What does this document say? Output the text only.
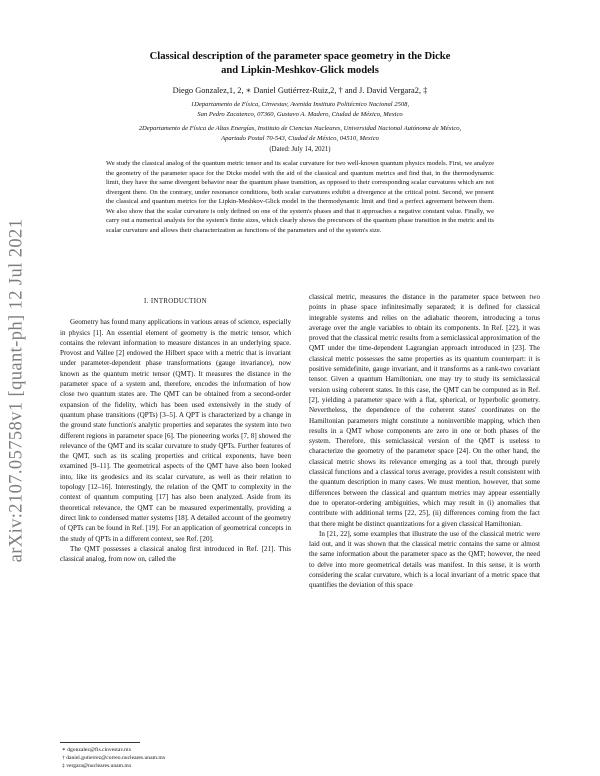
arXiv:2107.05758v1 [quant-ph] 12 Jul 2021
Classical description of the parameter space geometry in the Dicke
and Lipkin-Meshkov-Glick models
Diego Gonzalez,1, 2, ∗ Daniel Gutiérrez-Ruiz,2, † and J. David Vergara2, ‡
1Departamento de Física, Cinvestav, Avenida Instituto Politécnico Nacional 2508,
San Pedro Zacatenco, 07360, Gustavo A. Madero, Ciudad de México, Mexico
2Departamento de Física de Altas Energías, Instituto de Ciencias Nucleares, Universidad Nacional Autónoma de México,
Apartado Postal 70-543, Ciudad de México, 04510, Mexico
(Dated: July 14, 2021)

We study the classical analog of the quantum metric tensor and its scalar curvature for two well-known quantum physics models. First, we analyze the geometry of the parameter space for the Dicke model with the aid of the classical and quantum metrics and find that, in the thermodynamic limit, they have the same divergent behavior near the quantum phase transition, as opposed to their corresponding scalar curvatures which are not divergent there. On the contrary, under resonance conditions, both scalar curvatures exhibit a divergence at the critical point. Second, we present the classical and quantum metrics for the Lipkin-Meshkov-Glick model in the thermodynamic limit and find a perfect agreement between them. We also show that the scalar curvature is only defined on one of the system's phases and that it approaches a negative constant value. Finally, we carry out a numerical analysis for the system's finite sizes, which clearly shows the precursors of the quantum phase transition in the metric and its scalar curvature and allows their characterization as functions of the parameters and of the system's size.

I. INTRODUCTION

Geometry has found many applications in various areas of science, especially in physics [1]. An essential element of geometry is the metric tensor, which contains the relevant information to measure distances in an underlying space. Provost and Vallee [2] endowed the Hilbert space with a metric that is invariant under parameter-dependent phase transformations (gauge invariance), now known as the quantum metric tensor (QMT). It measures the distance in the parameter space of a system and, therefore, encodes the information of how close two quantum states are. The QMT can be obtained from a second-order expansion of the fidelity, which has been used extensively in the study of quantum phase transitions (QPTs) [3–5]. A QPT is characterized by a change in the ground state function's analytic properties and separates the system into two different regions in parameter space [6]. The pioneering works [7, 8] showed the relevance of the QMT and its scalar curvature to study QPTs. Further features of the QMT, such as its scaling properties and critical exponents, have been examined [9–11]. The geometrical aspects of the QMT have also been looked into, like its geodesics and its scalar curvature, as well as their relation to topology [12–16]. Interestingly, the relation of the QMT to complexity in the context of quantum computing [17] has also been analyzed. Aside from its theoretical relevance, the QMT can be measured experimentally, providing a direct link to condensed matter systems [18]. A detailed account of the geometry of QPTs can be found in Ref. [19]. For an application of geometrical concepts in the study of QPTs in a different context, see Ref. [20].

The QMT possesses a classical analog first introduced in Ref. [21]. This classical analog, from now on, called the

classical metric, measures the distance in the parameter space between two points in phase space infinitesimally separated; it is defined for classical integrable systems and relies on the adiabatic theorem, introducing a torus average over the angle variables to obtain its components. In Ref. [22], it was proved that the classical metric results from a semiclassical approximation of the QMT under the time-dependent Lagrangian approach introduced in [23]. The classical metric possesses the same properties as its quantum counterpart: it is positive semidefinite, gauge invariant, and it transforms as a rank-two covariant tensor. Given a quantum Hamiltonian, one may try to study its semiclassical version using coherent states. In this case, the QMT can be computed as in Ref. [2], yielding a parameter space with a flat, spherical, or hyperbolic geometry. Nevertheless, the dependence of the coherent states' coordinates on the Hamiltonian parameters might constitute a noninvertible mapping, which then results in a QMT whose components are zero in one or both phases of the system. Therefore, this semiclassical version of the QMT is useless to characterize the geometry of the parameter space [24]. On the other hand, the classical metric shows its relevance emerging as a tool that, through purely classical functions and a classical torus average, provides a result consistent with the quantum description in many cases. We must mention, however, that some differences between the classical and quantum metrics may appear essentially due to operator-ordering ambiguities, which may result in (i) anomalies that contribute with additional terms [22, 25], (ii) differences coming from the fact that there might be distinct quantizations for a given classical Hamiltonian.

In [21, 22], some examples that illustrate the use of the classical metric were laid out, and it was shown that the classical metric contains the same or almost the same information about the parameter space as the QMT; however, the need to delve into more geometrical details was manifest. In this sense, it is worth considering the scalar curvature, which is a local invariant of a metric space that quantifies the deviation of this space

∗ dgonzalez@fis.cinvestav.mx
† daniel.gutierrez@correo.nucleares.unam.mx
‡ vergara@nucleares.unam.mx
